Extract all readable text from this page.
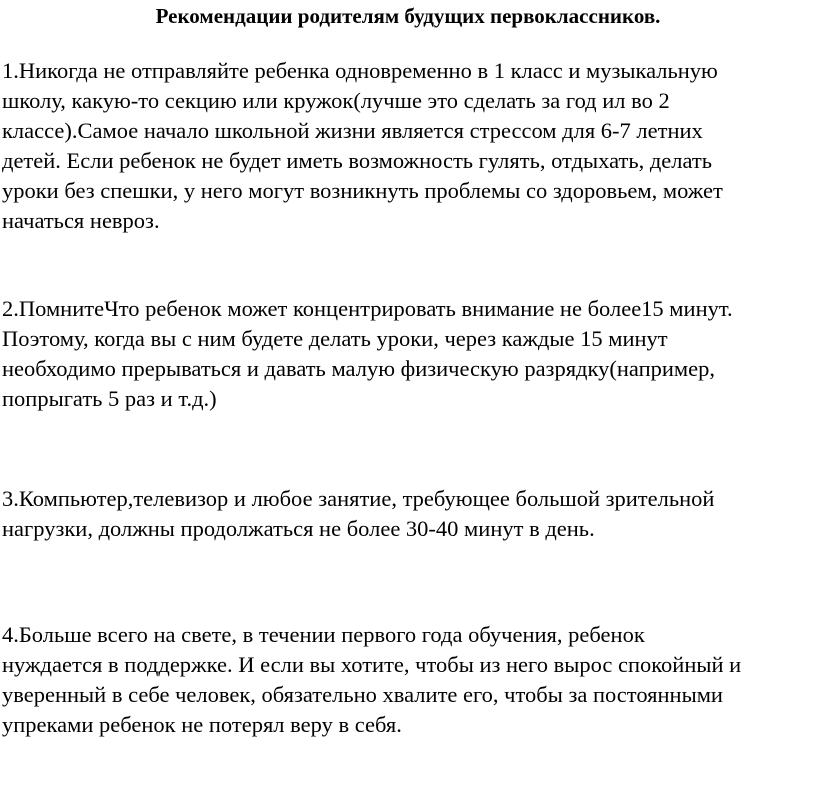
Рекомендации родителям будущих первоклассников.
1.Никогда не отправляйте ребенка одновременно в 1 класс и музыкальную
школу, какую-то секцию или кружок(лучше это сделать за год ил во 2
классе).Самое начало школьной жизни является стрессом для 6-7 летних
детей. Если ребенок не будет иметь возможность гулять, отдыхать, делать
уроки без спешки, у него могут возникнуть проблемы со здоровьем, может
начаться невроз.
2.ПомнитеЧто ребенок может концентрировать внимание не более15 минут.
Поэтому, когда вы с ним будете делать уроки, через каждые 15 минут
необходимо прерываться и давать малую физическую разрядку(например,
попрыгать 5 раз и т.д.)
3.Компьютер,телевизор и любое занятие, требующее большой зрительной
нагрузки, должны продолжаться не более 30-40 минут в день.
4.Больше всего на свете, в течении первого года обучения, ребенок
нуждается в поддержке. И если вы хотите, чтобы из него вырос спокойный и
уверенный в себе человек, обязательно хвалите его, чтобы за постоянными
упреками ребенок не потерял веру в себя.
